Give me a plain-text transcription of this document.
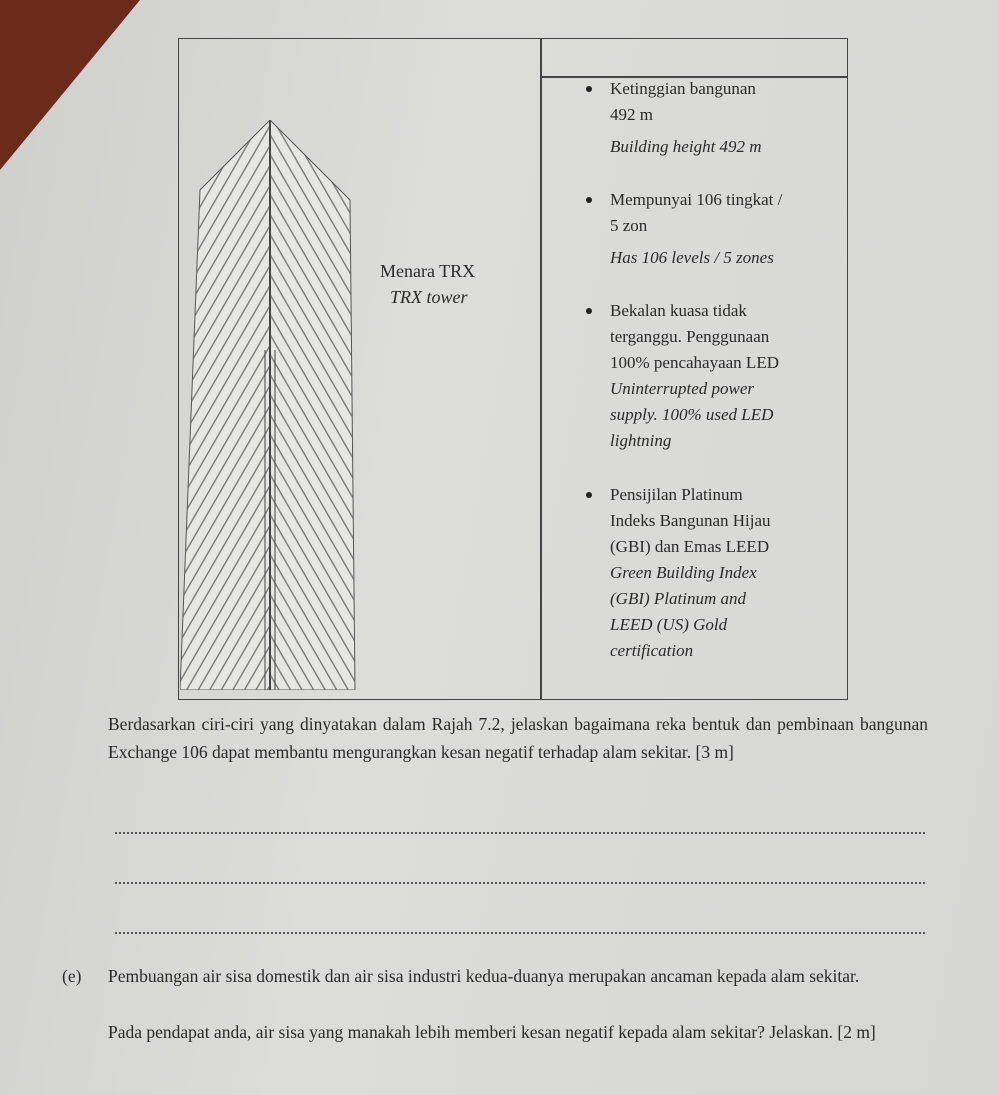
Menara TRX
TRX tower
Ketinggian bangunan
492 m
Building height 492 m
Mempunyai 106 tingkat /
5 zon
Has 106 levels / 5 zones
Bekalan kuasa tidak
terganggu. Penggunaan
100% pencahayaan LED
Uninterrupted power
supply. 100% used LED
lightning
Pensijilan Platinum
Indeks Bangunan Hijau
(GBI) dan Emas LEED
Green Building Index
(GBI) Platinum and
LEED (US) Gold
certification
Berdasarkan ciri-ciri yang dinyatakan dalam Rajah 7.2, jelaskan bagaimana reka bentuk dan pembinaan bangunan Exchange 106 dapat membantu mengurangkan kesan negatif terhadap alam sekitar. [3 m]
(e)	Pembuangan air sisa domestik dan air sisa industri kedua-duanya merupakan ancaman kepada alam sekitar.
Pada pendapat anda, air sisa yang manakah lebih memberi kesan negatif kepada alam sekitar? Jelaskan. [2 m]
